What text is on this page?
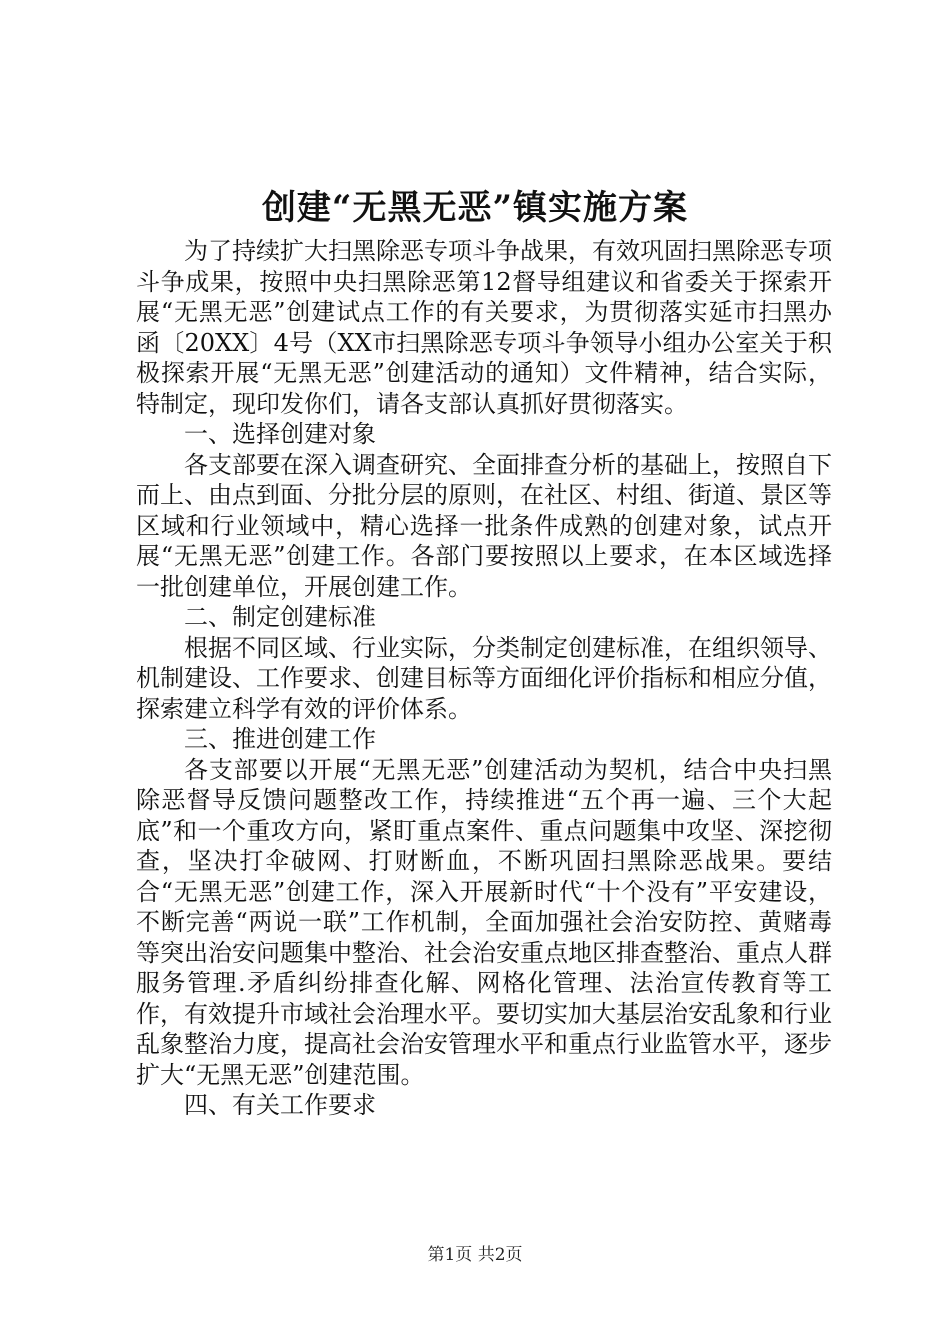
创建“无黑无恶”镇实施方案

为了持续扩大扫黑除恶专项斗争战果，有效巩固扫黑除恶专项斗争成果，按照中央扫黑除恶第12督导组建议和省委关于探索开展“无黑无恶”创建试点工作的有关要求，为贯彻落实延市扫黑办函〔20XX〕4号（XX市扫黑除恶专项斗争领导小组办公室关于积极探索开展“无黑无恶”创建活动的通知）文件精神，结合实际，特制定，现印发你们，请各支部认真抓好贯彻落实。

一、选择创建对象

各支部要在深入调查研究、全面排查分析的基础上，按照自下而上、由点到面、分批分层的原则，在社区、村组、街道、景区等区域和行业领域中，精心选择一批条件成熟的创建对象，试点开展“无黑无恶”创建工作。各部门要按照以上要求，在本区域选择一批创建单位，开展创建工作。

二、制定创建标准

根据不同区域、行业实际，分类制定创建标准，在组织领导、机制建设、工作要求、创建目标等方面细化评价指标和相应分值，探索建立科学有效的评价体系。

三、推进创建工作

各支部要以开展“无黑无恶”创建活动为契机，结合中央扫黑除恶督导反馈问题整改工作，持续推进“五个再一遍、三个大起底”和一个重攻方向，紧盯重点案件、重点问题集中攻坚、深挖彻查，坚决打伞破网、打财断血，不断巩固扫黑除恶战果。要结合“无黑无恶”创建工作，深入开展新时代“十个没有”平安建设，不断完善“两说一联”工作机制，全面加强社会治安防控、黄赌毒等突出治安问题集中整治、社会治安重点地区排查整治、重点人群服务管理.矛盾纠纷排查化解、网格化管理、法治宣传教育等工作，有效提升市域社会治理水平。要切实加大基层治安乱象和行业乱象整治力度，提高社会治安管理水平和重点行业监管水平，逐步扩大“无黑无恶”创建范围。

四、有关工作要求

第1页 共2页
